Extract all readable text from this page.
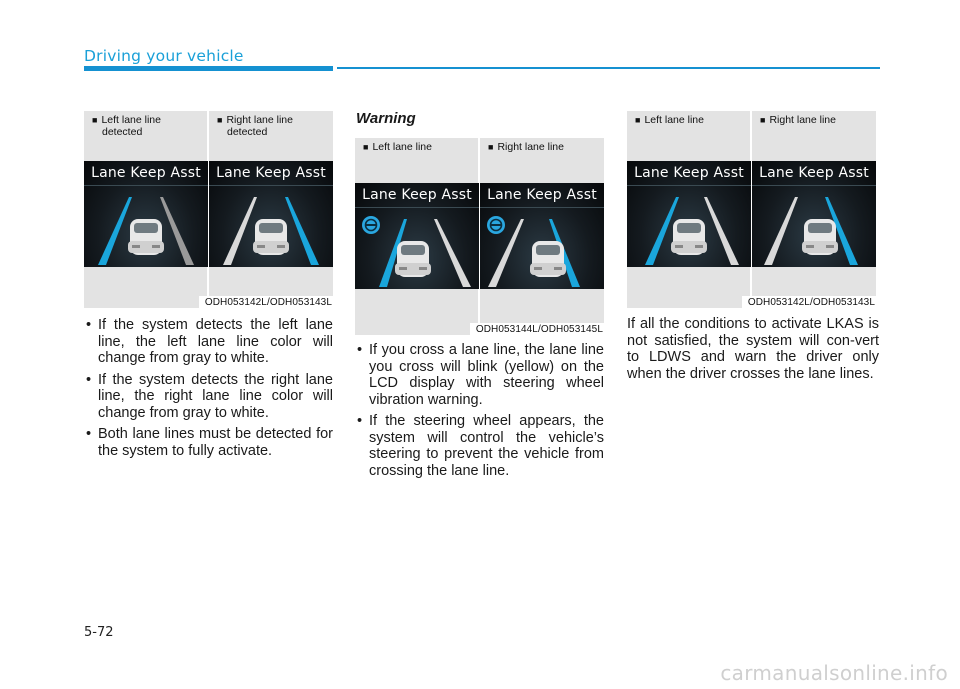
Driving your vehicle
■ Left lane line detected
■ Right lane line detected
Lane Keep Asst	Lane Keep Asst
ODH053142L/ODH053143L
■ Left lane line	■ Right lane line
Lane Keep Asst	Lane Keep Asst
ODH053144L/ODH053145L
■ Left lane line	■ Right lane line
Lane Keep Asst	Lane Keep Asst
ODH053142L/ODH053143L
• If the system detects the left lane line, the left lane line color will change from gray to white.
• If the system detects the right lane line, the right lane line color will change from gray to white.
• Both lane lines must be detected for the system to fully activate.
Warning
• If you cross a lane line, the lane line you cross will blink (yellow) on the LCD display with steering wheel vibration warning.
• If the steering wheel appears, the system will control the vehicle’s steering to prevent the vehicle from crossing the lane line.

If all the conditions to activate LKAS is not satisfied, the system will con-vert to LDWS and warn the driver only when the driver crosses the lane lines.

5-72
carmanualsonline.info
